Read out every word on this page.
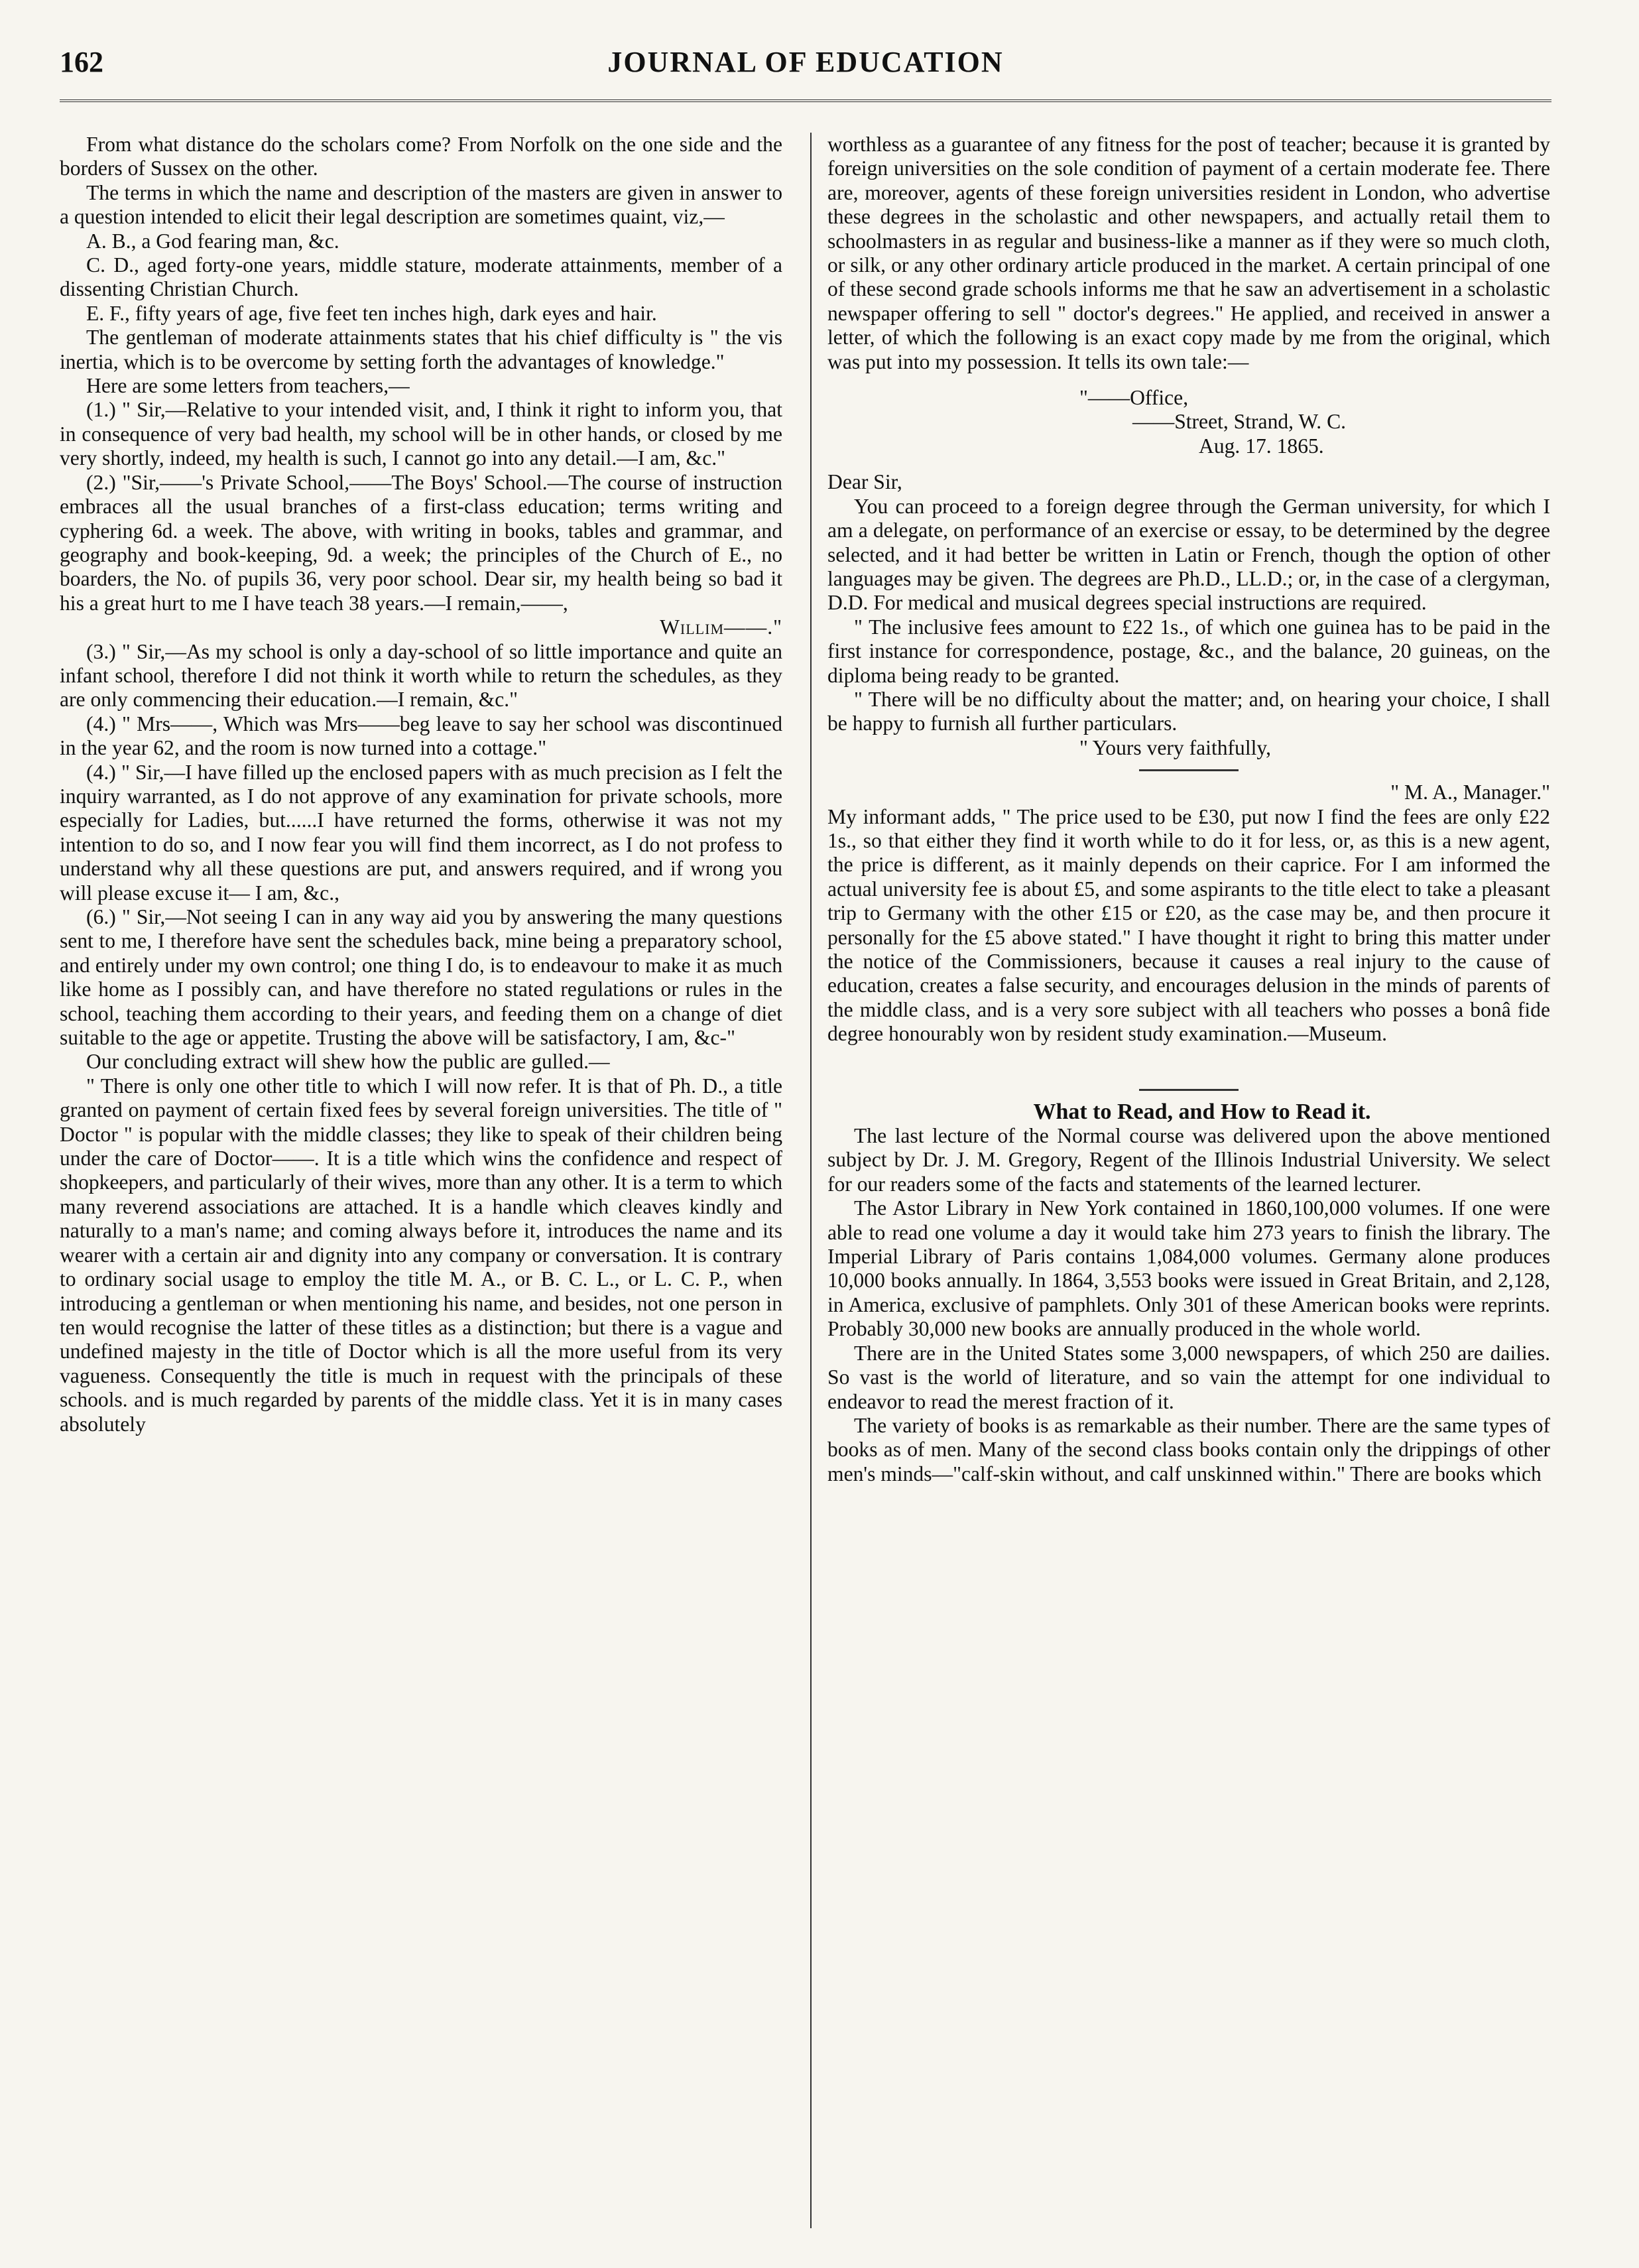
162	JOURNAL OF EDUCATION

From what distance do the scholars come? From Norfolk on the one side and the borders of Sussex on the other.

The terms in which the name and description of the masters are given in answer to a question intended to elicit their legal description are sometimes quaint, viz,—

A. B., a God fearing man, &c.

C. D., aged forty-one years, middle stature, moderate attainments, member of a dissenting Christian Church.

E. F., fifty years of age, five feet ten inches high, dark eyes and hair.

The gentleman of moderate attainments states that his chief difficulty is " the vis inertia, which is to be overcome by setting forth the advantages of knowledge."

Here are some letters from teachers,—

(1.) " Sir,—Relative to your intended visit, and, I think it right to inform you, that in consequence of very bad health, my school will be in other hands, or closed by me very shortly, indeed, my health is such, I cannot go into any detail.—I am, &c."

(2.) "Sir,——'s Private School,——The Boys' School.—The course of instruction embraces all the usual branches of a first-class education; terms writing and cyphering 6d. a week. The above, with writing in books, tables and grammar, and geography and book-keeping, 9d. a week; the principles of the Church of E., no boarders, the No. of pupils 36, very poor school. Dear sir, my health being so bad it his a great hurt to me I have teach 38 years.—I remain,——,

Willim——."

(3.) " Sir,—As my school is only a day-school of so little importance and quite an infant school, therefore I did not think it worth while to return the schedules, as they are only commencing their education.—I remain, &c."

(4.) " Mrs——, Which was Mrs——beg leave to say her school was discontinued in the year 62, and the room is now turned into a cottage."

(4.) " Sir,—I have filled up the enclosed papers with as much precision as I felt the inquiry warranted, as I do not approve of any examination for private schools, more especially for Ladies, but......I have returned the forms, otherwise it was not my intention to do so, and I now fear you will find them incorrect, as I do not profess to understand why all these questions are put, and answers required, and if wrong you will please excuse it— I am, &c.,

(6.) " Sir,—Not seeing I can in any way aid you by answering the many questions sent to me, I therefore have sent the schedules back, mine being a preparatory school, and entirely under my own control; one thing I do, is to endeavour to make it as much like home as I possibly can, and have therefore no stated regulations or rules in the school, teaching them according to their years, and feeding them on a change of diet suitable to the age or appetite. Trusting the above will be satisfactory, I am, &c-"

Our concluding extract will shew how the public are gulled.—

" There is only one other title to which I will now refer. It is that of Ph. D., a title granted on payment of certain fixed fees by several foreign universities. The title of " Doctor " is popular with the middle classes; they like to speak of their children being under the care of Doctor——. It is a title which wins the confidence and respect of shopkeepers, and particularly of their wives, more than any other. It is a term to which many reverend associations are attached. It is a handle which cleaves kindly and naturally to a man's name; and coming always before it, introduces the name and its wearer with a certain air and dignity into any company or conversation. It is contrary to ordinary social usage to employ the title M. A., or B. C. L., or L. C. P., when introducing a gentleman or when mentioning his name, and besides, not one person in ten would recognise the latter of these titles as a distinction; but there is a vague and undefined majesty in the title of Doctor which is all the more useful from its very vagueness. Consequently the title is much in request with the principals of these schools. and is much regarded by parents of the middle class. Yet it is in many cases absolutely

worthless as a guarantee of any fitness for the post of teacher; because it is granted by foreign universities on the sole condition of payment of a certain moderate fee. There are, moreover, agents of these foreign universities resident in London, who advertise these degrees in the scholastic and other newspapers, and actually retail them to schoolmasters in as regular and business-like a manner as if they were so much cloth, or silk, or any other ordinary article produced in the market. A certain principal of one of these second grade schools informs me that he saw an advertisement in a scholastic newspaper offering to sell " doctor's degrees." He applied, and received in answer a letter, of which the following is an exact copy made by me from the original, which was put into my possession. It tells its own tale:—

"——Office,

——Street, Strand, W. C.

Aug. 17. 1865.

Dear Sir,

You can proceed to a foreign degree through the German university, for which I am a delegate, on performance of an exercise or essay, to be determined by the degree selected, and it had better be written in Latin or French, though the option of other languages may be given. The degrees are Ph.D., LL.D.; or, in the case of a clergyman, D.D. For medical and musical degrees special instructions are required.

" The inclusive fees amount to £22 1s., of which one guinea has to be paid in the first instance for correspondence, postage, &c., and the balance, 20 guineas, on the diploma being ready to be granted.

" There will be no difficulty about the matter; and, on hearing your choice, I shall be happy to furnish all further particulars.

" Yours very faithfully,

" M. A., Manager."

My informant adds, " The price used to be £30, put now I find the fees are only £22 1s., so that either they find it worth while to do it for less, or, as this is a new agent, the price is different, as it mainly depends on their caprice. For I am informed the actual university fee is about £5, and some aspirants to the title elect to take a pleasant trip to Germany with the other £15 or £20, as the case may be, and then procure it personally for the £5 above stated." I have thought it right to bring this matter under the notice of the Commissioners, because it causes a real injury to the cause of education, creates a false security, and encourages delusion in the minds of parents of the middle class, and is a very sore subject with all teachers who posses a bonâ fide degree honourably won by resident study examination.—Museum.

What to Read, and How to Read it.

The last lecture of the Normal course was delivered upon the above mentioned subject by Dr. J. M. Gregory, Regent of the Illinois Industrial University. We select for our readers some of the facts and statements of the learned lecturer.

The Astor Library in New York contained in 1860,100,000 volumes. If one were able to read one volume a day it would take him 273 years to finish the library. The Imperial Library of Paris contains 1,084,000 volumes. Germany alone produces 10,000 books annually. In 1864, 3,553 books were issued in Great Britain, and 2,128, in America, exclusive of pamphlets. Only 301 of these American books were reprints. Probably 30,000 new books are annually produced in the whole world.

There are in the United States some 3,000 newspapers, of which 250 are dailies. So vast is the world of literature, and so vain the attempt for one individual to endeavor to read the merest fraction of it.

The variety of books is as remarkable as their number. There are the same types of books as of men. Many of the second class books contain only the drippings of other men's minds—"calf-skin without, and calf unskinned within." There are books which
